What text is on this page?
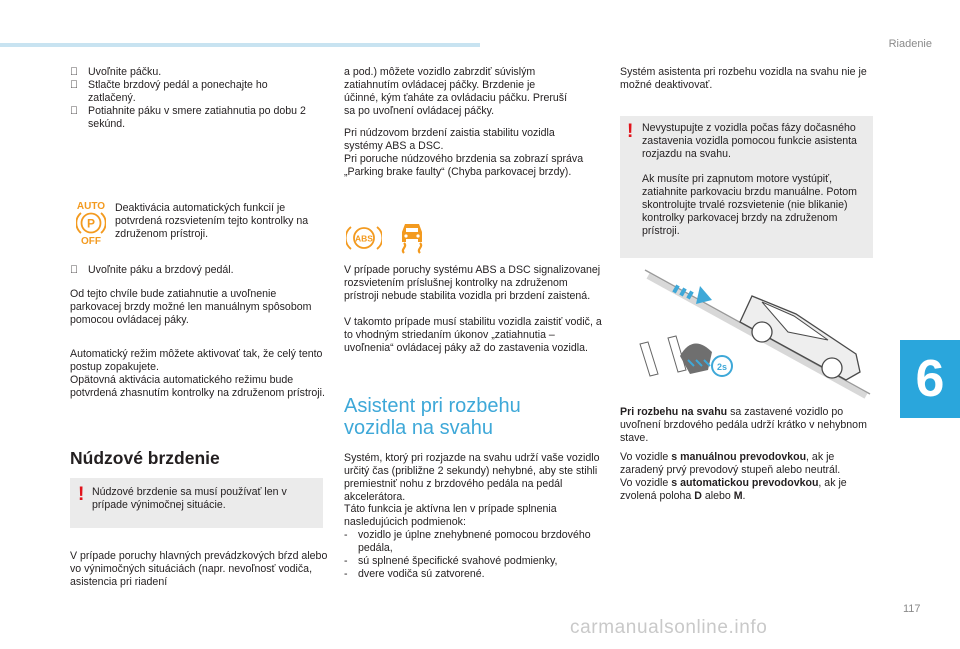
Riadenie
6
117
Uvoľnite páčku.
Stlačte brzdový pedál a ponechajte ho zatlačený.
Potiahnite páku v smere zatiahnutia po dobu 2 sekúnd.
AUTO
P
OFF

Deaktivácia automatických funkcií je potvrdená rozsvietením tejto kontrolky na združenom prístroji.

Uvoľnite páku a brzdový pedál.

Od tejto chvíle bude zatiahnutie a uvoľnenie parkovacej brzdy možné len manuálnym spôsobom pomocou ovládacej páky.

Automatický režim môžete aktivovať tak, že celý tento postup zopakujete.

Opätovná aktivácia automatického režimu bude potvrdená zhasnutím kontrolky na združenom prístroji.

Núdzové brzdenie
! Núdzové brzdenie sa musí používať len v prípade výnimočnej situácie.

V prípade poruchy hlavných prevádzkových bŕzd alebo vo výnimočných situáciách (napr. nevoľnosť vodiča, asistencia pri riadení

a pod.) môžete vozidlo zabrzdiť súvislým
zatiahnutím ovládacej páčky. Brzdenie je
účinné, kým ťaháte za ovládaciu páčku. Preruší
sa po uvoľnení ovládacej páčky.

Pri núdzovom brzdení zaistia stabilitu vozidla systémy ABS a DSC.

Pri poruche núdzového brzdenia sa zobrazí správa „Parking brake faulty“ (Chyba parkovacej brzdy).

ABS

V prípade poruchy systému ABS a DSC signalizovanej rozsvietením príslušnej kontrolky na združenom prístroji nebude stabilita vozidla pri brzdení zaistená.

V takomto prípade musí stabilitu vozidla zaistiť vodič, a to vhodným striedaním úkonov „zatiahnutia – uvoľnenia“ ovládacej páky až do zastavenia vozidla.

Asistent pri rozbehu
vozidla na svahu

Systém, ktorý pri rozjazde na svahu udrží vaše vozidlo určitý čas (približne 2 sekundy) nehybné, aby ste stihli premiestniť nohu z brzdového pedála na pedál akcelerátora.

Táto funkcia je aktívna len v prípade splnenia nasledujúcich podmienok:

- vozidlo je úplne znehybnené pomocou brzdového pedála,
- sú splnené špecifické svahové podmienky,
- dvere vodiča sú zatvorené.

Systém asistenta pri rozbehu vozidla na svahu nie je možné deaktivovať.

! Nevystupujte z vozidla počas fázy dočasného zastavenia vozidla pomocou funkcie asistenta rozjazdu na svahu.

Ak musíte pri zapnutom motore vystúpiť, zatiahnite parkovaciu brzdu manuálne. Potom skontrolujte trvalé rozsvietenie (nie blikanie) kontrolky parkovacej brzdy na združenom prístroji.

2s

Pri rozbehu na svahu sa zastavené vozidlo po uvoľnení brzdového pedála udrží krátko v nehybnom stave.

Vo vozidle s manuálnou prevodovkou, ak je zaradený prvý prevodový stupeň alebo neutrál.

Vo vozidle s automatickou prevodovkou, ak je zvolená poloha D alebo M.

carmanualsonline.info
